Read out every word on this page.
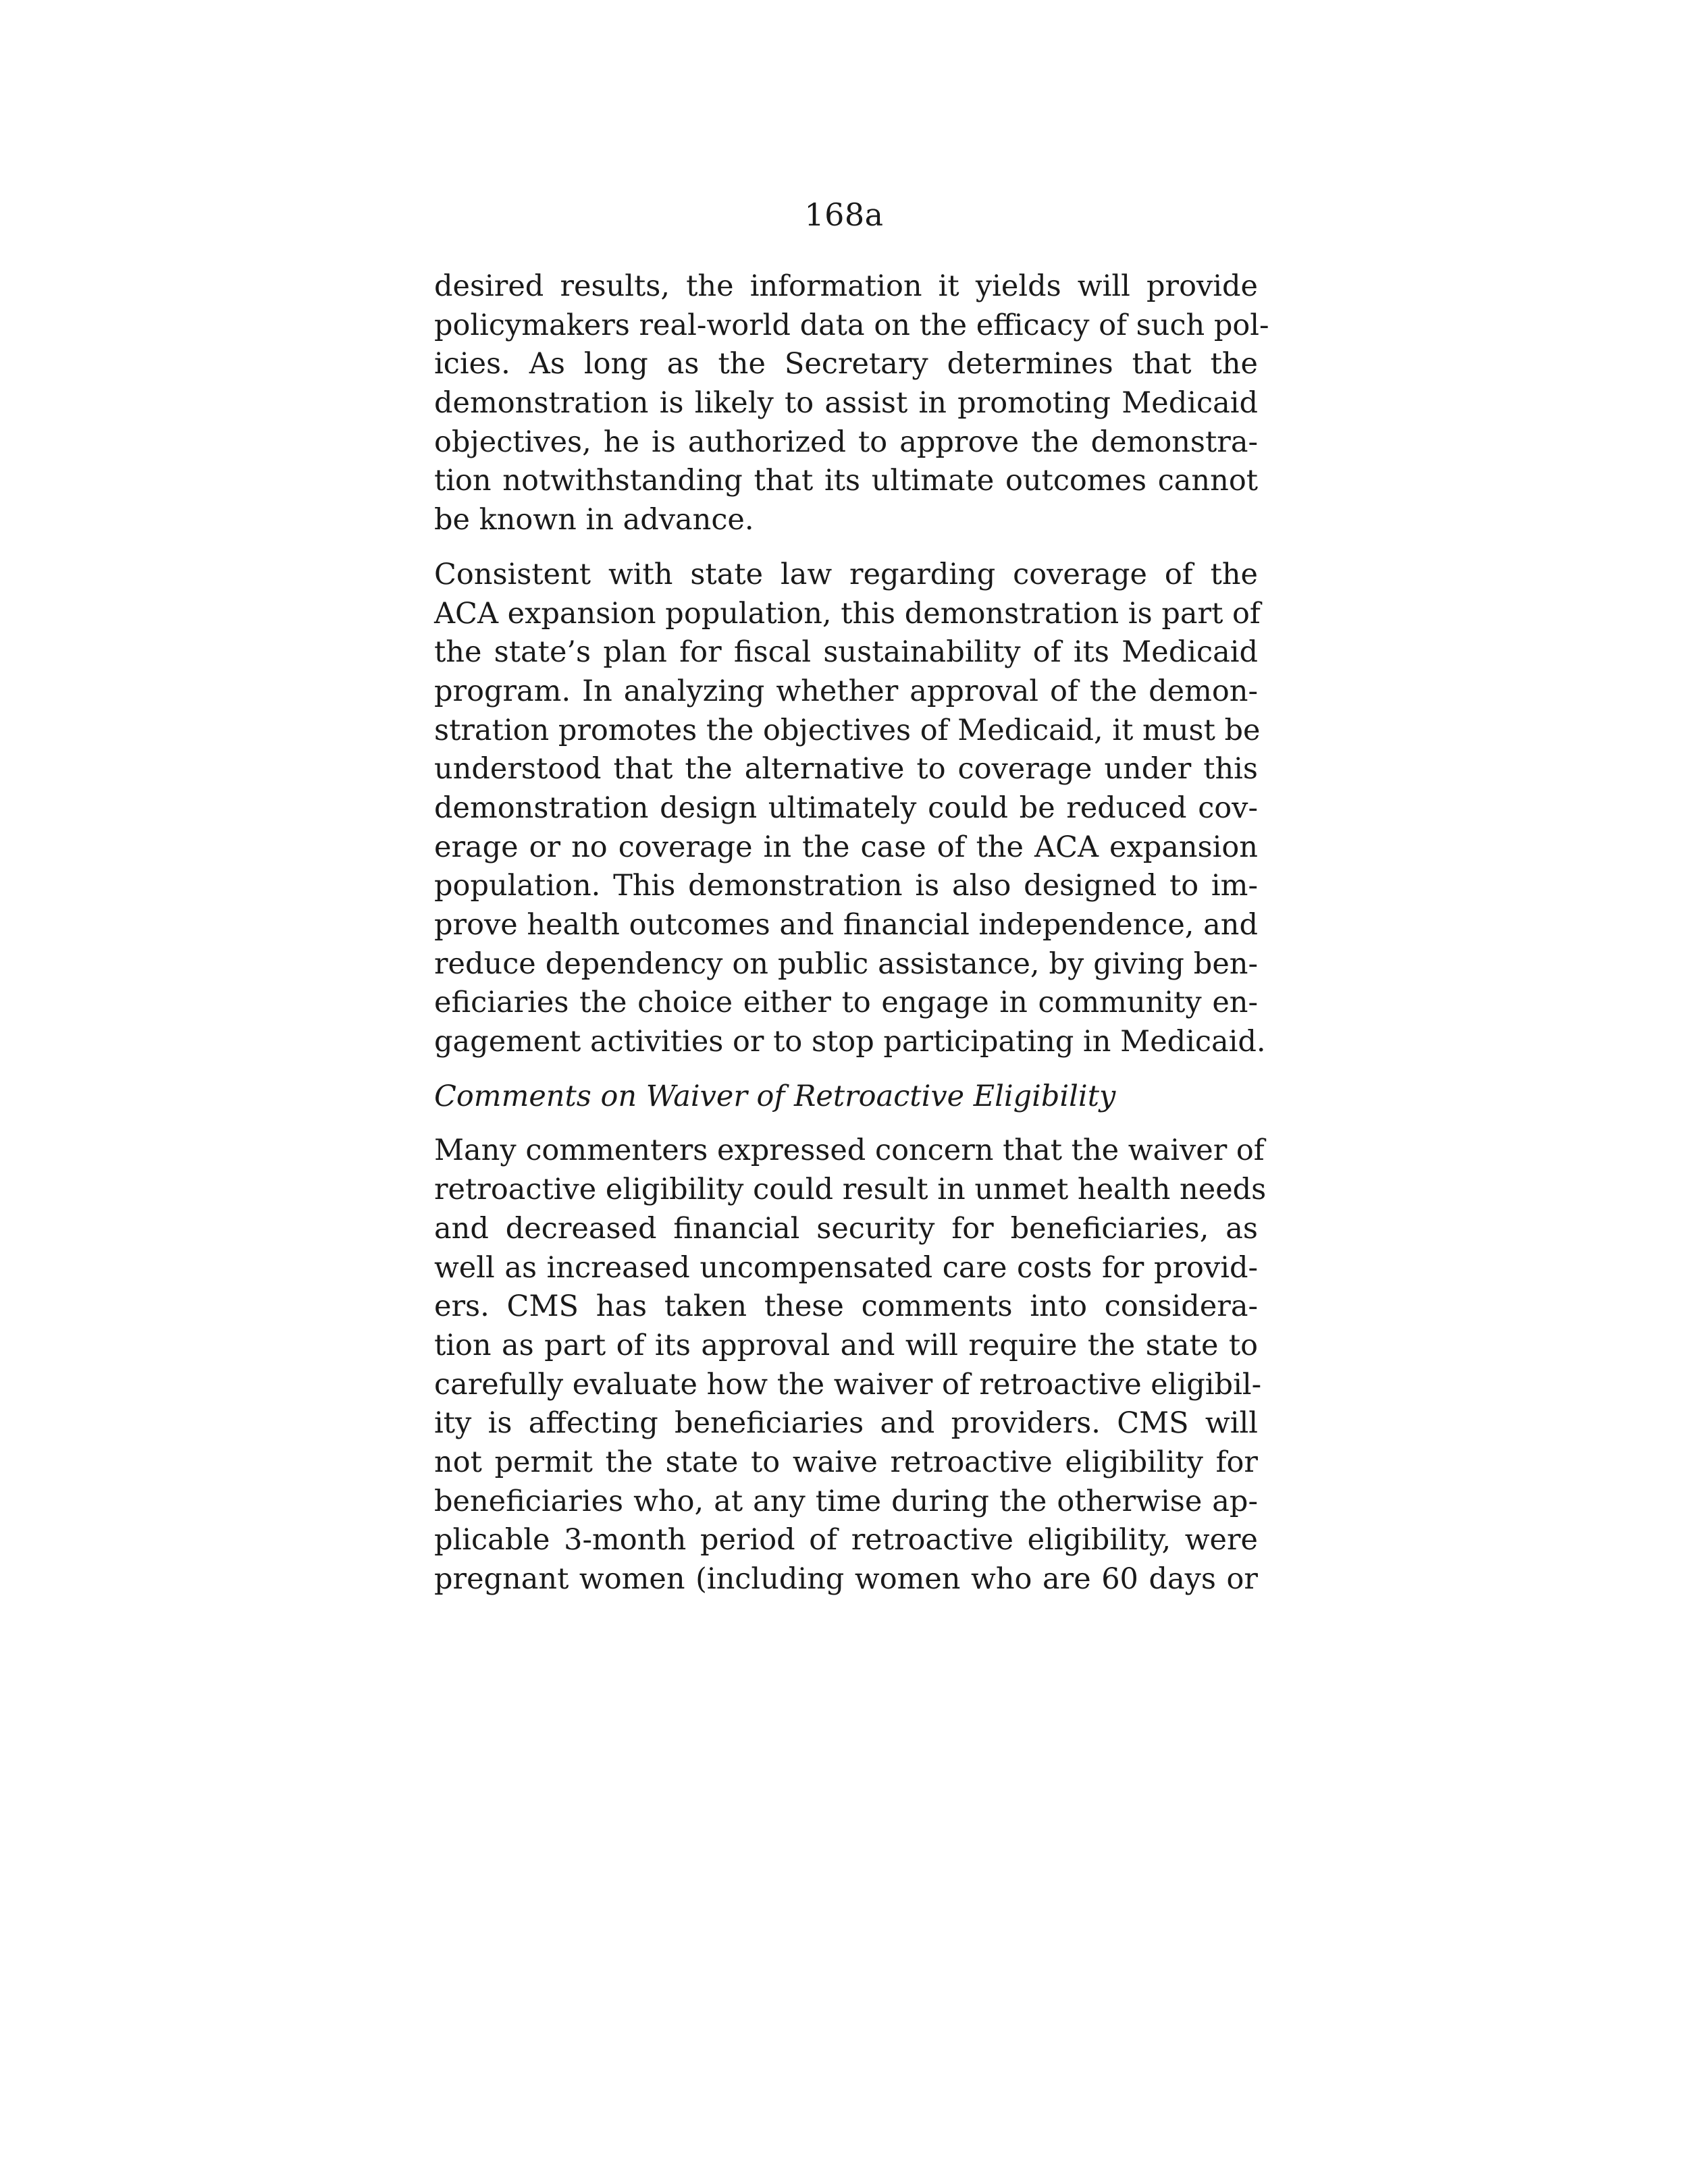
168a
desired results, the information it yields will provide
policymakers real-world data on the efficacy of such pol-
icies. As long as the Secretary determines that the
demonstration is likely to assist in promoting Medicaid
objectives, he is authorized to approve the demonstra-
tion notwithstanding that its ultimate outcomes cannot
be known in advance.
Consistent with state law regarding coverage of the
ACA expansion population, this demonstration is part of
the state’s plan for fiscal sustainability of its Medicaid
program. In analyzing whether approval of the demon-
stration promotes the objectives of Medicaid, it must be
understood that the alternative to coverage under this
demonstration design ultimately could be reduced cov-
erage or no coverage in the case of the ACA expansion
population. This demonstration is also designed to im-
prove health outcomes and financial independence, and
reduce dependency on public assistance, by giving ben-
eficiaries the choice either to engage in community en-
gagement activities or to stop participating in Medicaid.
Comments on Waiver of Retroactive Eligibility
Many commenters expressed concern that the waiver of
retroactive eligibility could result in unmet health needs
and decreased financial security for beneficiaries, as
well as increased uncompensated care costs for provid-
ers. CMS has taken these comments into considera-
tion as part of its approval and will require the state to
carefully evaluate how the waiver of retroactive eligibil-
ity is affecting beneficiaries and providers. CMS will
not permit the state to waive retroactive eligibility for
beneficiaries who, at any time during the otherwise ap-
plicable 3-month period of retroactive eligibility, were
pregnant women (including women who are 60 days or
